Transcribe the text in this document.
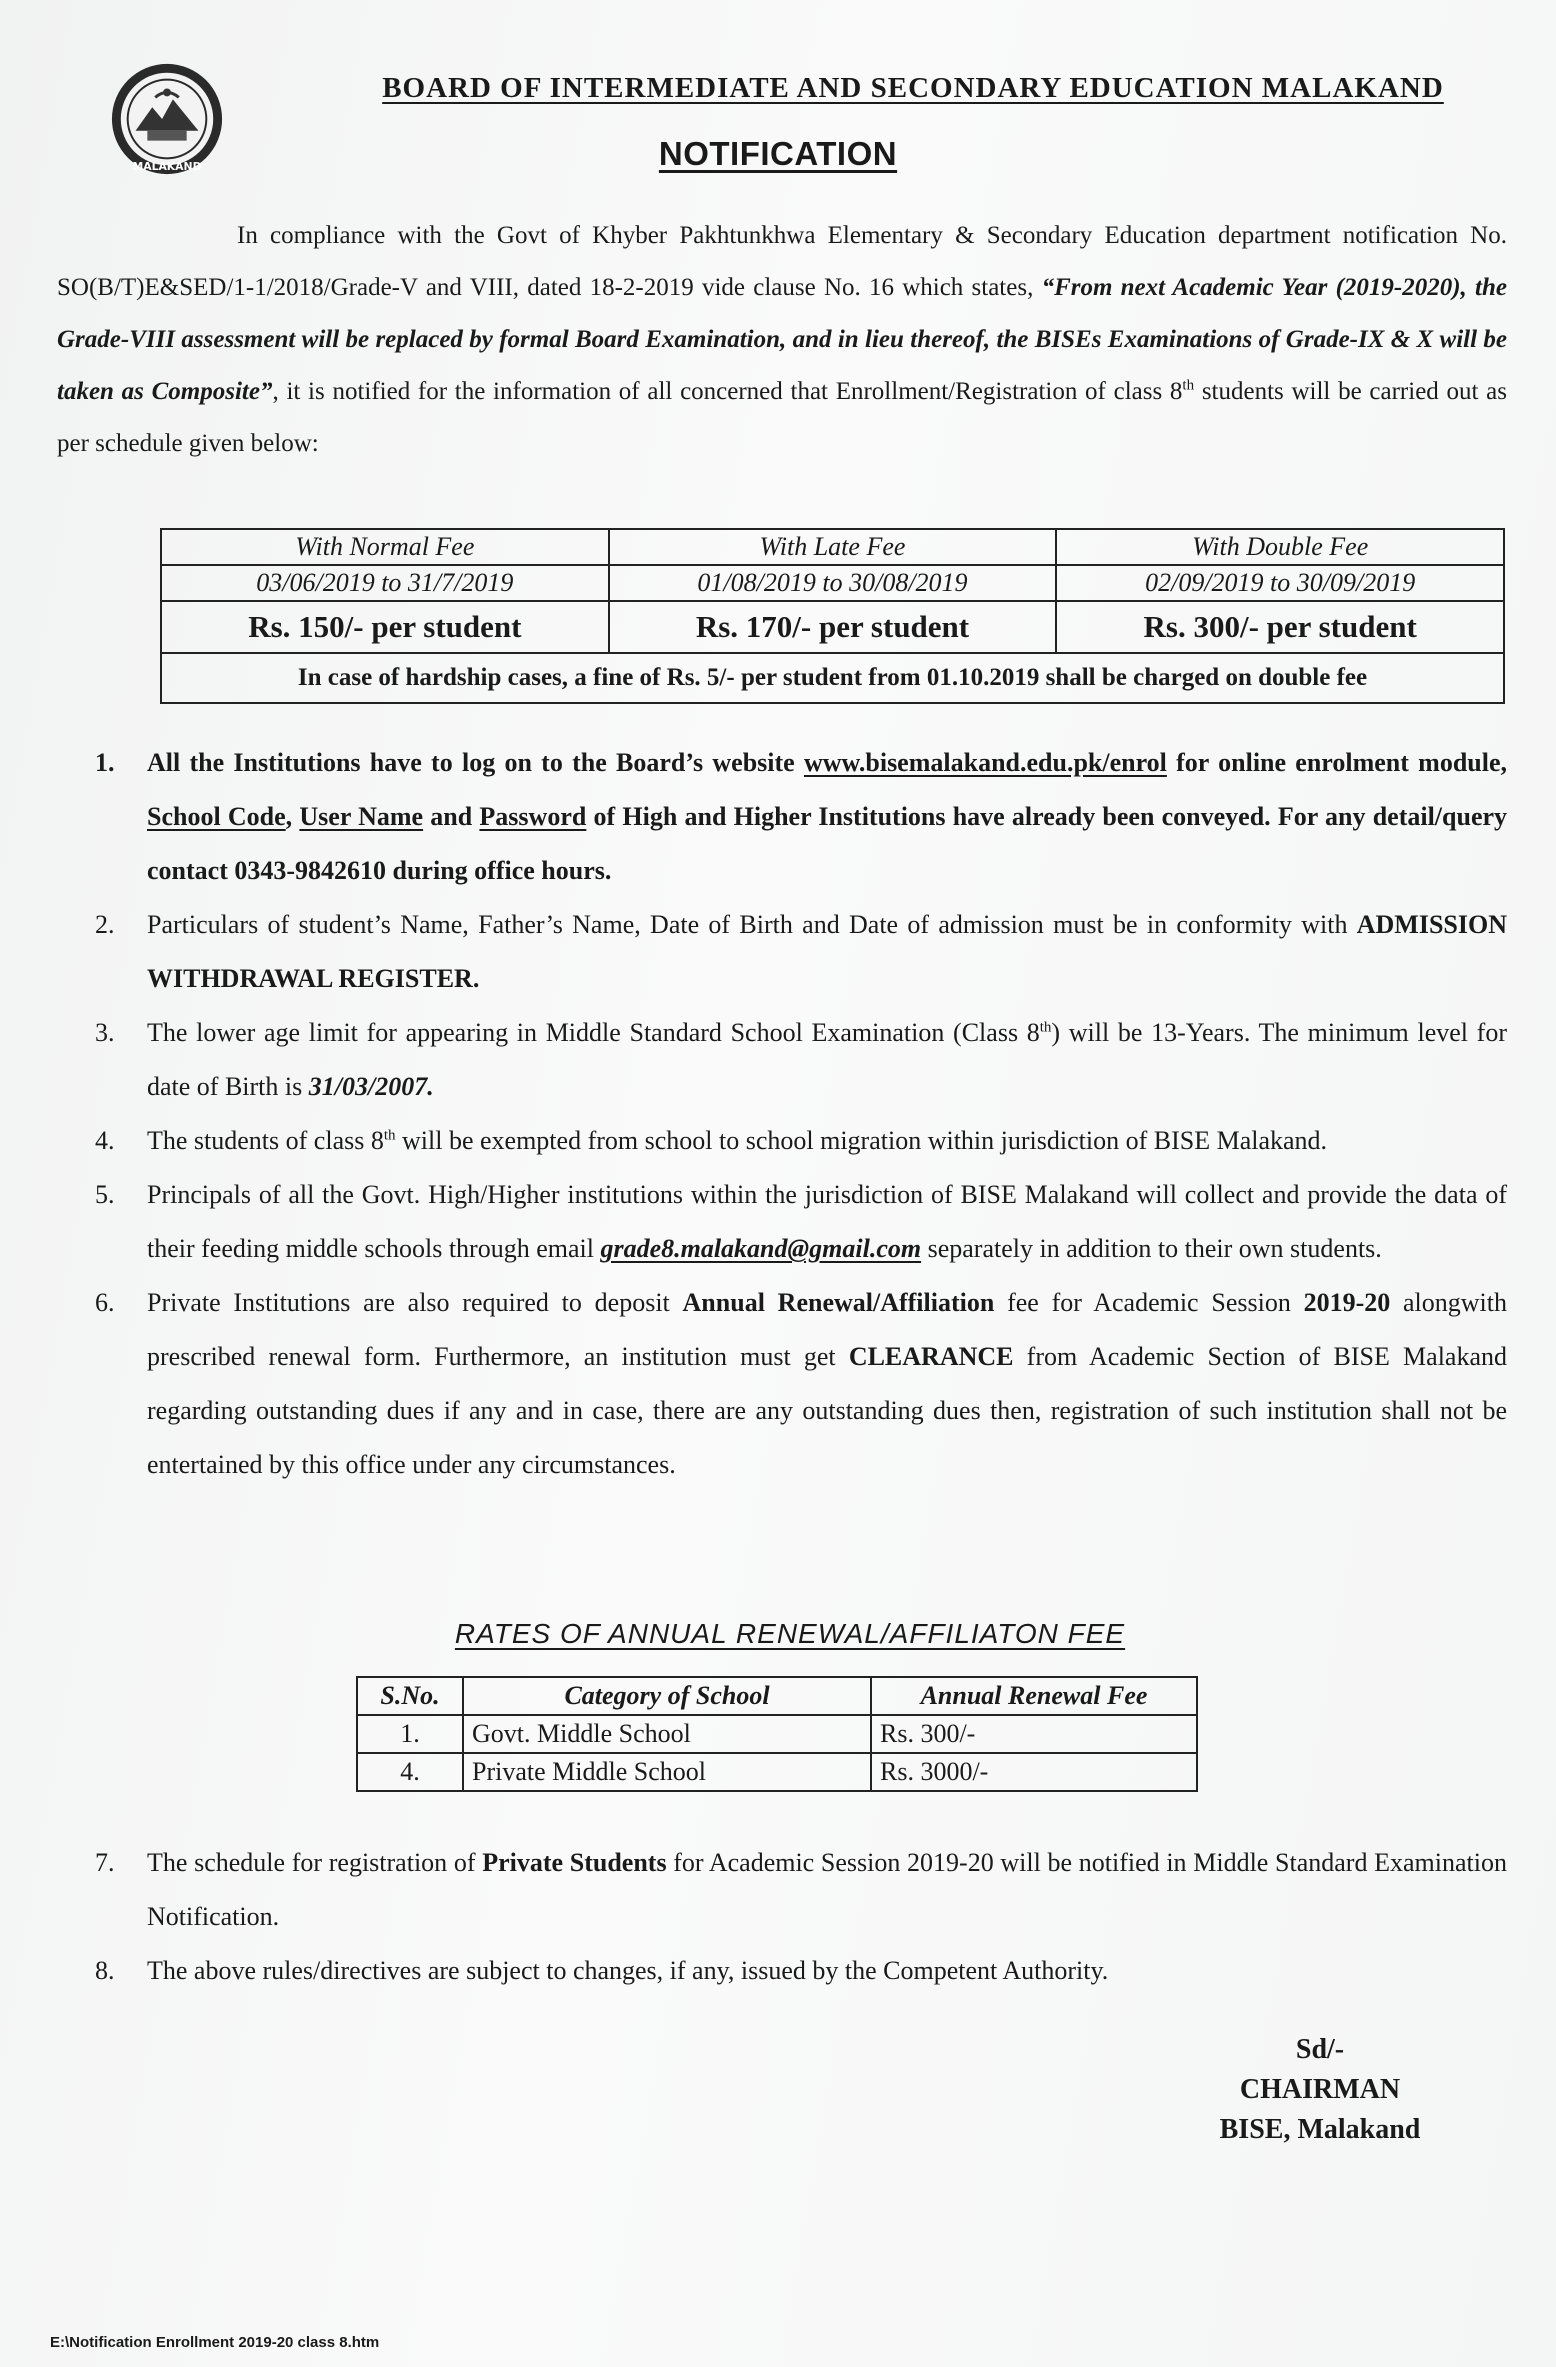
MALAKAND
BOARD OF INTERMEDIATE AND SECONDARY EDUCATION MALAKAND
NOTIFICATION
In compliance with the Govt of Khyber Pakhtunkhwa Elementary & Secondary Education department notification No. SO(B/T)E&SED/1-1/2018/Grade-V and VIII, dated 18-2-2019 vide clause No. 16 which states, “From next Academic Year (2019-2020), the Grade-VIII assessment will be replaced by formal Board Examination, and in lieu thereof, the BISEs Examinations of Grade-IX & X will be taken as Composite”, it is notified for the information of all concerned that Enrollment/Registration of class 8th students will be carried out as per schedule given below:
With Normal Fee	With Late Fee	With Double Fee
03/06/2019 to 31/7/2019	01/08/2019 to 30/08/2019	02/09/2019 to 30/09/2019
Rs. 150/- per student	Rs. 170/- per student	Rs. 300/- per student
In case of hardship cases, a fine of Rs. 5/- per student from 01.10.2019 shall be charged on double fee		
1. All the Institutions have to log on to the Board’s website www.bisemalakand.edu.pk/enrol for online enrolment module, School Code, User Name and Password of High and Higher Institutions have already been conveyed. For any detail/query contact 0343-9842610 during office hours.
2. Particulars of student’s Name, Father’s Name, Date of Birth and Date of admission must be in conformity with ADMISSION WITHDRAWAL REGISTER.
3. The lower age limit for appearing in Middle Standard School Examination (Class 8th) will be 13-Years. The minimum level for date of Birth is 31/03/2007.
4. The students of class 8th will be exempted from school to school migration within jurisdiction of BISE Malakand.
5. Principals of all the Govt. High/Higher institutions within the jurisdiction of BISE Malakand will collect and provide the data of their feeding middle schools through email grade8.malakand@gmail.com separately in addition to their own students.
6. Private Institutions are also required to deposit Annual Renewal/Affiliation fee for Academic Session 2019-20 alongwith prescribed renewal form. Furthermore, an institution must get CLEARANCE from Academic Section of BISE Malakand regarding outstanding dues if any and in case, there are any outstanding dues then, registration of such institution shall not be entertained by this office under any circumstances.
RATES OF ANNUAL RENEWAL/AFFILIATON FEE
S.No.	Category of School	Annual Renewal Fee
1.	Govt. Middle School	Rs. 300/-
4.	Private Middle School	Rs. 3000/-
7. The schedule for registration of Private Students for Academic Session 2019-20 will be notified in Middle Standard Examination Notification.
8. The above rules/directives are subject to changes, if any, issued by the Competent Authority.
Sd/-
CHAIRMAN
BISE, Malakand
E:\Notification Enrollment 2019-20 class 8.htm
